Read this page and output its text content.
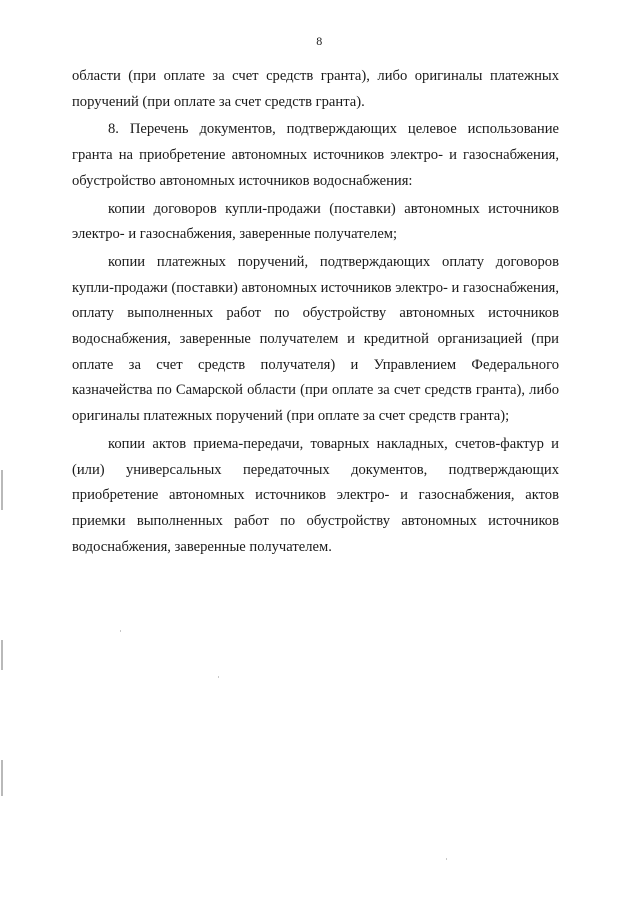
8

области (при оплате за счет средств гранта), либо оригиналы платежных поручений (при оплате за счет средств гранта).

8. Перечень документов, подтверждающих целевое использование гранта на приобретение автономных источников электро- и газоснабжения, обустройство автономных источников водоснабжения:

копии договоров купли-продажи (поставки) автономных источников электро- и газоснабжения, заверенные получателем;

копии платежных поручений, подтверждающих оплату договоров купли-продажи (поставки) автономных источников электро- и газоснабжения, оплату выполненных работ по обустройству автономных источников водоснабжения, заверенные получателем и кредитной организацией (при оплате за счет средств получателя) и Управлением Федерального казначейства по Самарской области (при оплате за счет средств гранта), либо оригиналы платежных поручений (при оплате за счет средств гранта);

копии актов приема-передачи, товарных накладных, счетов-фактур и (или) универсальных передаточных документов, подтверждающих приобретение автономных источников электро- и газоснабжения, актов приемки выполненных работ по обустройству автономных источников водоснабжения, заверенные получателем.
